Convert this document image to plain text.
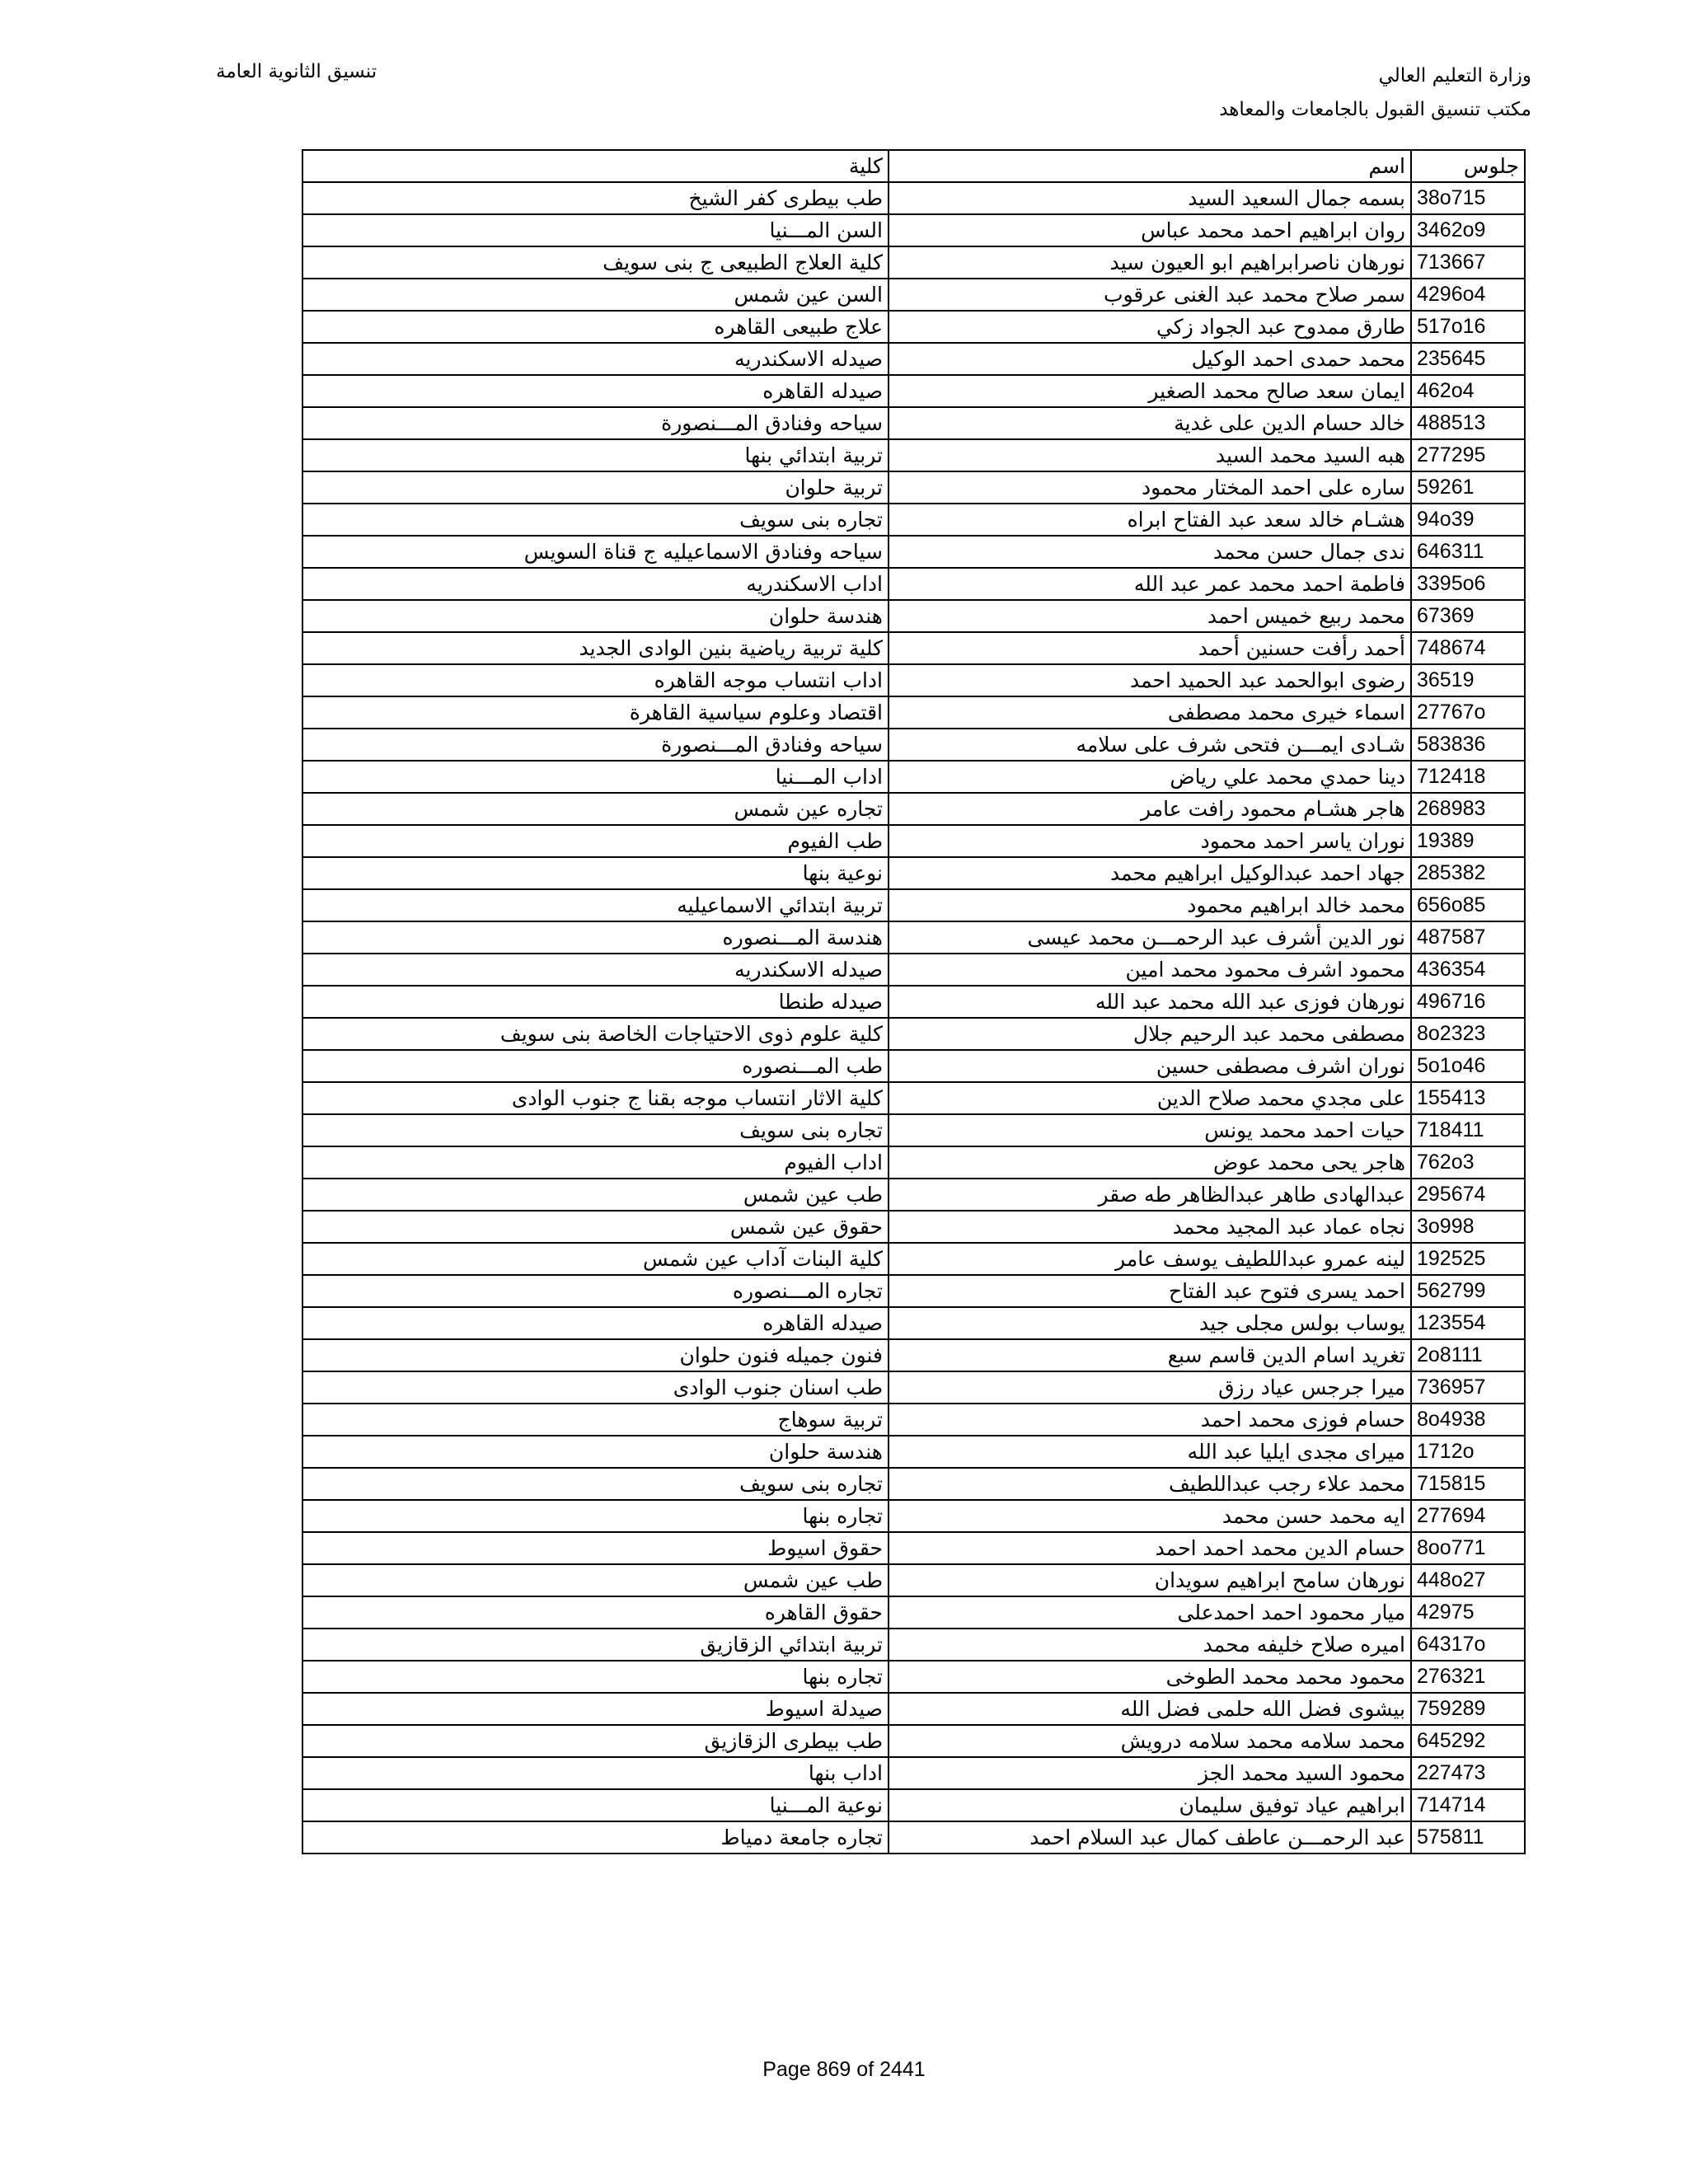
وزارة التعليم العالي
مكتب تنسيق القبول بالجامعات والمعاهد
تنسيق الثانوية العامة
كلية	اسم	جلوس
طب بيطرى كفر الشيخ	بسمه جمال السعيد السيد	38o715
السن المـــنيا	روان ابراهيم احمد محمد عباس	3462o9
كلية العلاج الطبيعى ج بنى سويف	نورهان ناصرابراهيم ابو العيون سيد	713667
السن عين شمس	سمر صلاح محمد عبد الغنى عرقوب	4296o4
علاج طبيعى القاهره	طارق ممدوح عبد الجواد زكي	517o16
صيدله الاسكندريه	محمد حمدى احمد الوكيل	235645
صيدله القاهره	ايمان سعد صالح محمد الصغير	462o4
سياحه وفنادق المـــنصورة	خالد حسام الدين على غدية	488513
تربية ابتدائي بنها	هبه السيد محمد السيد	277295
تربية حلوان	ساره على احمد المختار محمود	59261
تجاره بنى سويف	هشـام خالد سعد عبد الفتاح ابراه	94o39
سياحه وفنادق الاسماعيليه ج قناة السويس	ندى جمال حسن محمد	646311
اداب الاسكندريه	فاطمة احمد محمد عمر عبد الله	3395o6
هندسة حلوان	محمد ربيع خميس احمد	67369
كلية تربية رياضية بنين الوادى الجديد	أحمد رأفت حسنين أحمد	748674
اداب انتساب موجه القاهره	رضوى ابوالحمد عبد الحميد احمد	36519
اقتصاد وعلوم سياسية القاهرة	اسماء خيرى محمد مصطفى	27767o
سياحه وفنادق المـــنصورة	شـادى ايمـــن فتحى شرف على سلامه	583836
اداب المـــنيا	دينا حمدي محمد علي رياض	712418
تجاره عين شمس	هاجر هشـام محمود رافت عامر	268983
طب الفيوم	نوران ياسر احمد محمود	19389
نوعية بنها	جهاد احمد عبدالوكيل ابراهيم محمد	285382
تربية ابتدائي الاسماعيليه	محمد خالد ابراهيم محمود	656o85
هندسة المـــنصوره	نور الدين أشرف عبد الرحمـــن محمد عيسى	487587
صيدله الاسكندريه	محمود اشرف محمود محمد امين	436354
صيدله طنطا	نورهان فوزى عبد الله محمد عبد الله	496716
كلية علوم ذوى الاحتياجات الخاصة بنى سويف	مصطفى محمد عبد الرحيم جلال	8o2323
طب المـــنصوره	نوران اشرف مصطفى حسين	5o1o46
كلية الاثار انتساب موجه بقنا ج جنوب الوادى	على مجدي محمد صلاح الدين	155413
تجاره بنى سويف	حيات احمد محمد يونس	718411
اداب الفيوم	هاجر يحى محمد عوض	762o3
طب عين شمس	عبدالهادى طاهر عبدالظاهر طه صقر	295674
حقوق عين شمس	نجاه عماد عبد المجيد محمد	3o998
كلية البنات آداب عين شمس	لينه عمرو عبداللطيف يوسف عامر	192525
تجاره المـــنصوره	احمد يسرى فتوح عبد الفتاح	562799
صيدله القاهره	يوساب بولس مجلى جيد	123554
فنون جميله فنون حلوان	تغريد اسام الدين قاسم سبع	2o8111
طب اسنان جنوب الوادى	ميرا جرجس عياد رزق	736957
تربية سوهاج	حسام فوزى محمد احمد	8o4938
هندسة حلوان	ميراى مجدى ايليا عبد الله	1712o
تجاره بنى سويف	محمد علاء رجب عبداللطيف	715815
تجاره بنها	ايه محمد حسن محمد	277694
حقوق اسيوط	حسام الدين محمد احمد احمد	8oo771
طب عين شمس	نورهان سامح ابراهيم سويدان	448o27
حقوق القاهره	ميار محمود احمد احمدعلى	42975
تربية ابتدائي الزقازيق	اميره صلاح خليفه محمد	64317o
تجاره بنها	محمود محمد محمد الطوخى	276321
صيدلة اسيوط	بيشوى فضل الله حلمى فضل الله	759289
طب بيطرى الزقازيق	محمد سلامه محمد سلامه درويش	645292
اداب بنها	محمود السيد محمد الجز	227473
نوعية المـــنيا	ابراهيم عياد توفيق سليمان	714714
تجاره جامعة دمياط	عبد الرحمـــن عاطف كمال عبد السلام احمد	575811
Page 869 of 2441
